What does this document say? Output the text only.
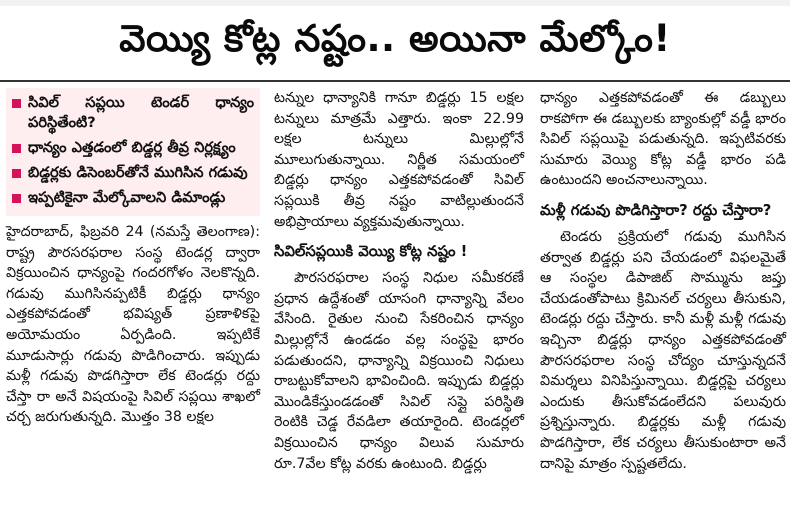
వెయ్యి కోట్ల నష్టం.. అయినా మేల్కోం!
సివిల్ సప్లయి టెండర్ ధాన్యం పరిస్థితేంటి?
ధాన్యం ఎత్తడంలో బిడ్డర్ల తీవ్ర నిర్లక్ష్యం
బిడ్డర్లకు డిసెంబర్‌తోనే ముగిసిన గడువు
ఇప్పటికైనా మేల్కోవాలని డిమాండ్లు

హైదరాబాద్, ఫిబ్రవరి 24 (నమస్తే తెలంగాణ): రాష్ట్ర పౌరసరఫరాల సంస్థ టెండర్ల ద్వారా విక్రయించిన ధాన్యంపై గందరగోళం నెలకొన్నది. గడువు ముగిసినప్పటికీ బిడ్డర్లు ధాన్యం ఎత్తకపోవడంతో భవిష్యత్ ప్రణాళికపై అయోమయం ఏర్పడింది. ఇప్పటికే మూడుసార్లు గడువు పొడిగించారు. ఇప్పుడు మళ్లీ గడువు పొడగిస్తారా లేక టెండర్లు రద్దు చేస్తా రా అనే విషయంపై సివిల్ సప్లయి శాఖలో చర్చ జరుగుతున్నది. మొత్తం 38 లక్షల

టన్నుల ధాన్యానికి గానూ బిడ్డర్లు 15 లక్షల టన్నులు మాత్రమే ఎత్తారు. ఇంకా 22.99 లక్షల టన్నులు మిల్లుల్లోనే మూలుగుతున్నాయి. నిర్ణీత సమయంలో బిడ్డర్లు ధాన్యం ఎత్తకపోవడంతో సివిల్ సప్లయికి తీవ్ర నష్టం వాటిల్లుతుందనే అభిప్రాయాలు వ్యక్తమవుతున్నాయి.

సివిల్‌సప్లయికి వెయ్యి కోట్ల నష్టం !

పౌరసరఫరాల సంస్థ నిధుల సమీకరణే ప్రధాన ఉద్దేశంతో యాసంగి ధాన్యాన్ని వేలం వేసింది. రైతుల నుంచి సేకరించిన ధాన్యం మిల్లుల్లోనే ఉండడం వల్ల సంస్థపై భారం పడుతుందని, ధాన్యాన్ని విక్రయించి నిధులు రాబట్టుకోవాలని భావించింది. ఇప్పుడు బిడ్డర్లు మొండికేస్తుండడంతో సివిల్ సప్లై పరిస్థితి రెంటికి చెడ్డ రేవడిలా తయారైంది. టెండర్లలో విక్రయించిన ధాన్యం విలువ సుమారు రూ.7వేల కోట్ల వరకు ఉంటుంది. బిడ్డర్లు

ధాన్యం ఎత్తకపోవడంతో ఈ డబ్బులు రాకపోగా ఈ డబ్బులకు బ్యాంకుల్లో వడ్డీ భారం సివిల్ సప్లయిపై పడుతున్నది. ఇప్పటివరకు సుమారు వెయ్యి కోట్ల వడ్డీ భారం పడి ఉంటుందని అంచనాలున్నాయి.

మళ్లీ గడువు పొడిగిస్తారా? రద్దు చేస్తారా?

టెండరు ప్రక్రియలో గడువు ముగిసిన తర్వాత బిడ్డర్లు పని చేయడంలో విఫలమైతే ఆ సంస్థల డిపాజిట్ సొమ్మును జప్తు చేయడంతోపాటు క్రిమినల్ చర్యలు తీసుకుని, టెండర్లు రద్దు చేస్తారు. కానీ మళ్లీ మళ్లీ గడువు ఇచ్చినా బిడ్డర్లు ధాన్యం ఎత్తకపోవడంతో పౌరసరఫరాల సంస్థ చోద్యం చూస్తున్నదనే విమర్శలు వినిపిస్తున్నాయి. బిడ్డర్లపై చర్యలు ఎందుకు తీసుకోవడంలేదని పలువురు ప్రశ్నిస్తున్నారు. బిడ్డర్లకు మళ్లీ గడువు పొడగిస్తారా, లేక చర్యలు తీసుకుంటారా అనే దానిపై మాత్రం స్పష్టతలేదు.
